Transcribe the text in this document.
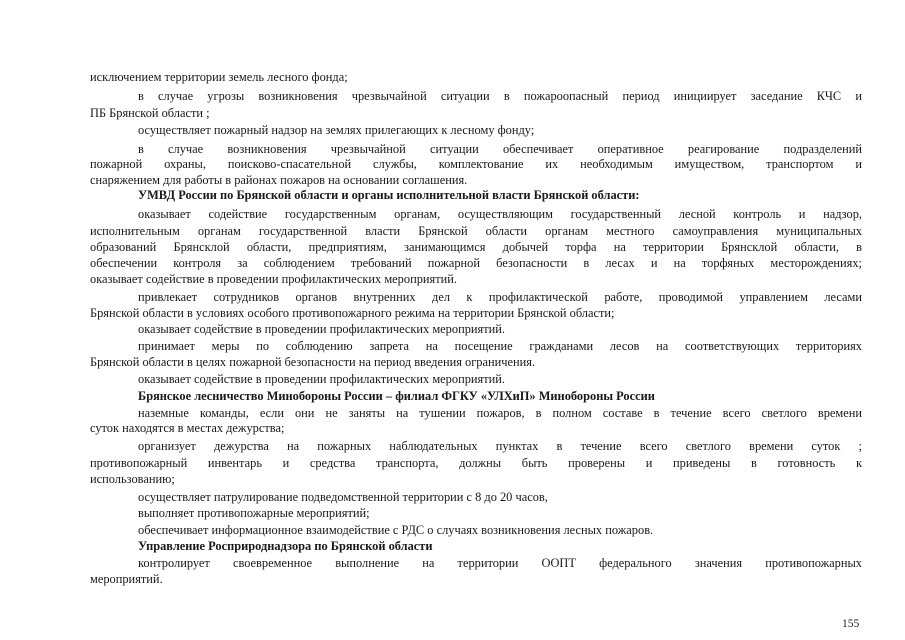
исключением территории земель лесного фонда;
в случае угрозы возникновения чрезвычайной ситуации в пожароопасный период инициирует заседание КЧС и
ПБ Брянской области ;
осуществляет пожарный надзор на землях прилегающих к лесному фонду;
в случае возникновения чрезвычайной ситуации обеспечивает оперативное реагирование подразделений
пожарной охраны, поисково-спасательной службы, комплектование их необходимым имуществом, транспортом и
снаряжением для работы в районах пожаров на основании соглашения.
УМВД России по Брянской области и органы исполнительной власти Брянской области:
оказывает содействие государственным органам, осуществляющим государственный лесной контроль и надзор,
исполнительным органам государственной власти Брянской области органам местного самоуправления муниципальных
образований Брянсклой области, предприятиям, занимающимся добычей торфа на территории Брянсклой области, в
обеспечении контроля за соблюдением требований пожарной безопасности в лесах и на торфяных месторождениях;
оказывает содействие в проведении профилактических мероприятий.
привлекает сотрудников органов внутренних дел к профилактической работе, проводимой управлением лесами
Брянской области в условиях особого противопожарного режима на территории Брянской области;
оказывает содействие в проведении профилактических мероприятий.
принимает меры по соблюдению запрета на посещение гражданами лесов на соответствующих территориях
Брянской области в целях пожарной безопасности на период введения ограничения.
оказывает содействие в проведении профилактических мероприятий.
Брянское лесничество Минобороны России – филиал ФГКУ «УЛХиП» Минобороны России
наземные команды, если они не заняты на тушении пожаров, в полном составе в течение всего светлого времени
суток находятся в местах дежурства;
организует дежурства на пожарных наблюдательных пунктах в течение всего светлого времени суток ;
противопожарный инвентарь и средства транспорта, должны быть проверены и приведены в готовность к
использованию;
осуществляет патрулирование подведомственной территории с 8 до 20 часов,
выполняет противопожарные мероприятий;
обеспечивает информационное взаимодействие с РДС о случаях возникновения лесных пожаров.
Управление Росприроднадзора по Брянской области
контролирует своевременное выполнение на территории ООПТ федерального значения противопожарных
мероприятий.
155
